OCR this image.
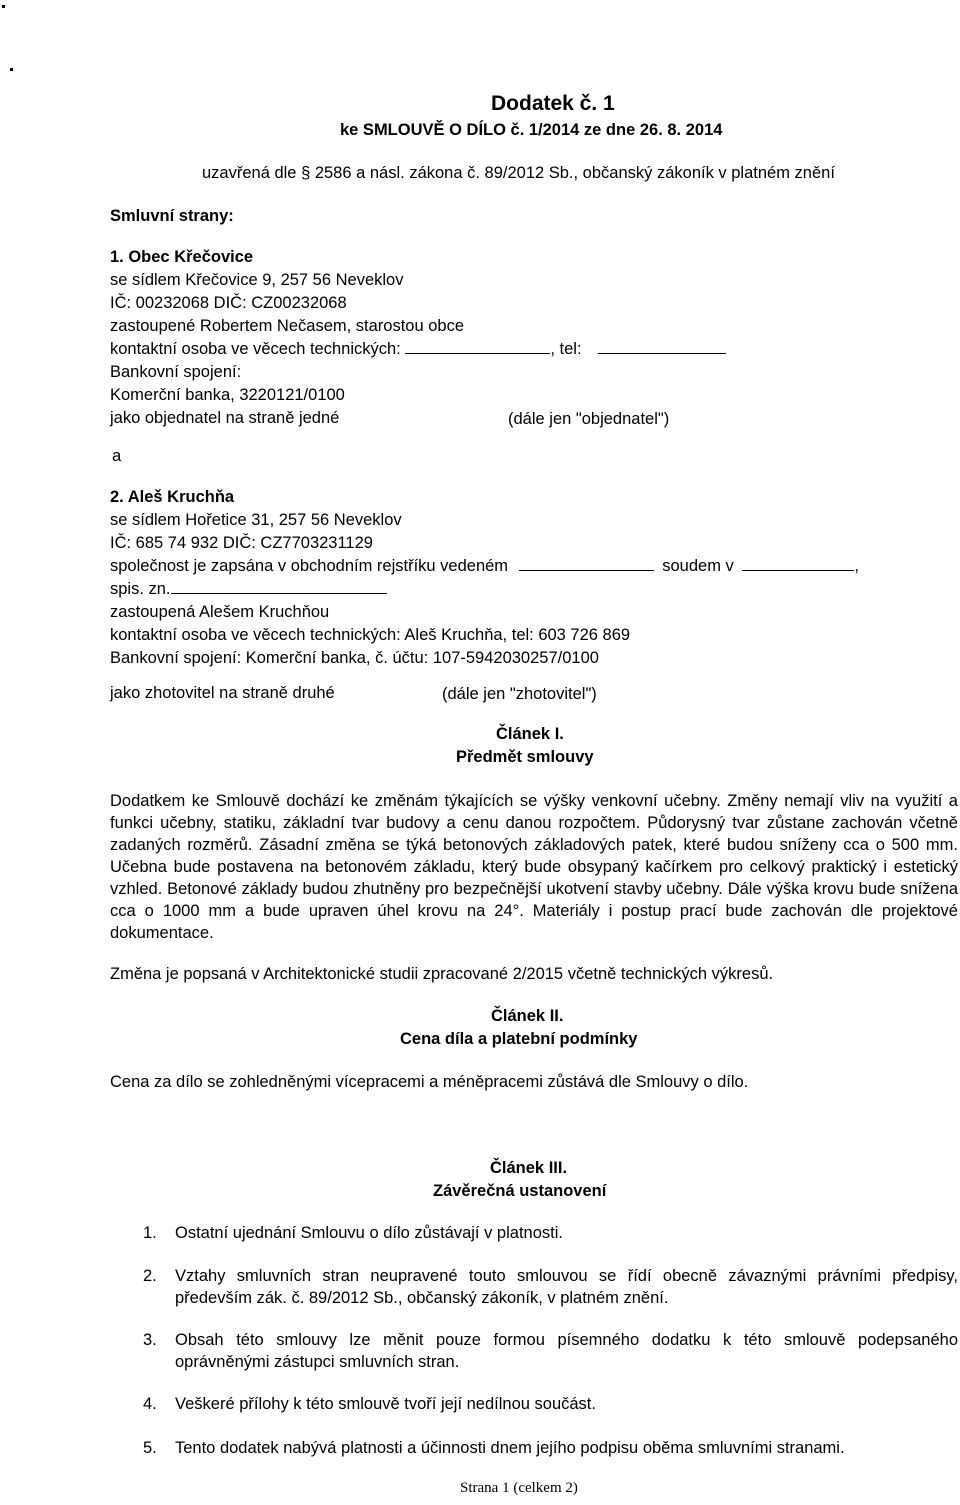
Dodatek č. 1
ke SMLOUVĚ O DÍLO č. 1/2014 ze dne 26. 8. 2014
uzavřená dle § 2586 a násl. zákona č. 89/2012 Sb., občanský zákoník v platném znění
Smluvní strany:
1. Obec Křečovice
se sídlem Křečovice 9, 257 56 Neveklov
IČ: 00232068 DIČ: CZ00232068
zastoupené Robertem Nečasem, starostou obce
kontaktní osoba ve věcech technických:	, tel:
Bankovní spojení:
Komerční banka, 3220121/0100
jako objednatel na straně jedné	(dále jen "objednatel")
a
2. Aleš Kruchňa
se sídlem Hořetice 31, 257 56 Neveklov
IČ: 685 74 932 DIČ: CZ7703231129
společnost je zapsána v obchodním rejstříku vedeném	soudem v	,
spis. zn.
zastoupená Alešem Kruchňou
kontaktní osoba ve věcech technických: Aleš Kruchňa, tel: 603 726 869
Bankovní spojení: Komerční banka, č. účtu: 107-5942030257/0100
jako zhotovitel na straně druhé	(dále jen "zhotovitel")
Článek I.
Předmět smlouvy
Dodatkem ke Smlouvě dochází ke změnám týkajících se výšky venkovní učebny. Změny nemají vliv na využití a funkci učebny, statiku, základní tvar budovy a cenu danou rozpočtem. Půdorysný tvar zůstane zachován včetně zadaných rozměrů. Zásadní změna se týká betonových základových patek, které budou sníženy cca o 500 mm. Učebna bude postavena na betonovém základu, který bude obsypaný kačírkem pro celkový praktický i estetický vzhled. Betonové základy budou zhutněny pro bezpečnější ukotvení stavby učebny. Dále výška krovu bude snížena cca o 1000 mm a bude upraven úhel krovu na 24°. Materiály i postup prací bude zachován dle projektové dokumentace.
Změna je popsaná v Architektonické studii zpracované 2/2015 včetně technických výkresů.
Článek II.
Cena díla a platební podmínky
Cena za dílo se zohledněnými vícepracemi a méněpracemi zůstává dle Smlouvy o dílo.
Článek III.
Závěrečná ustanovení
1. Ostatní ujednání Smlouvu o dílo zůstávají v platnosti.
2. Vztahy smluvních stran neupravené touto smlouvou se řídí obecně závaznými právními předpisy, především zák. č. 89/2012 Sb., občanský zákoník, v platném znění.
3. Obsah této smlouvy lze měnit pouze formou písemného dodatku k této smlouvě podepsaného oprávněnými zástupci smluvních stran.
4. Veškeré přílohy k této smlouvě tvoří její nedílnou součást.
5. Tento dodatek nabývá platnosti a účinnosti dnem jejího podpisu oběma smluvními stranami.
Strana 1 (celkem 2)
